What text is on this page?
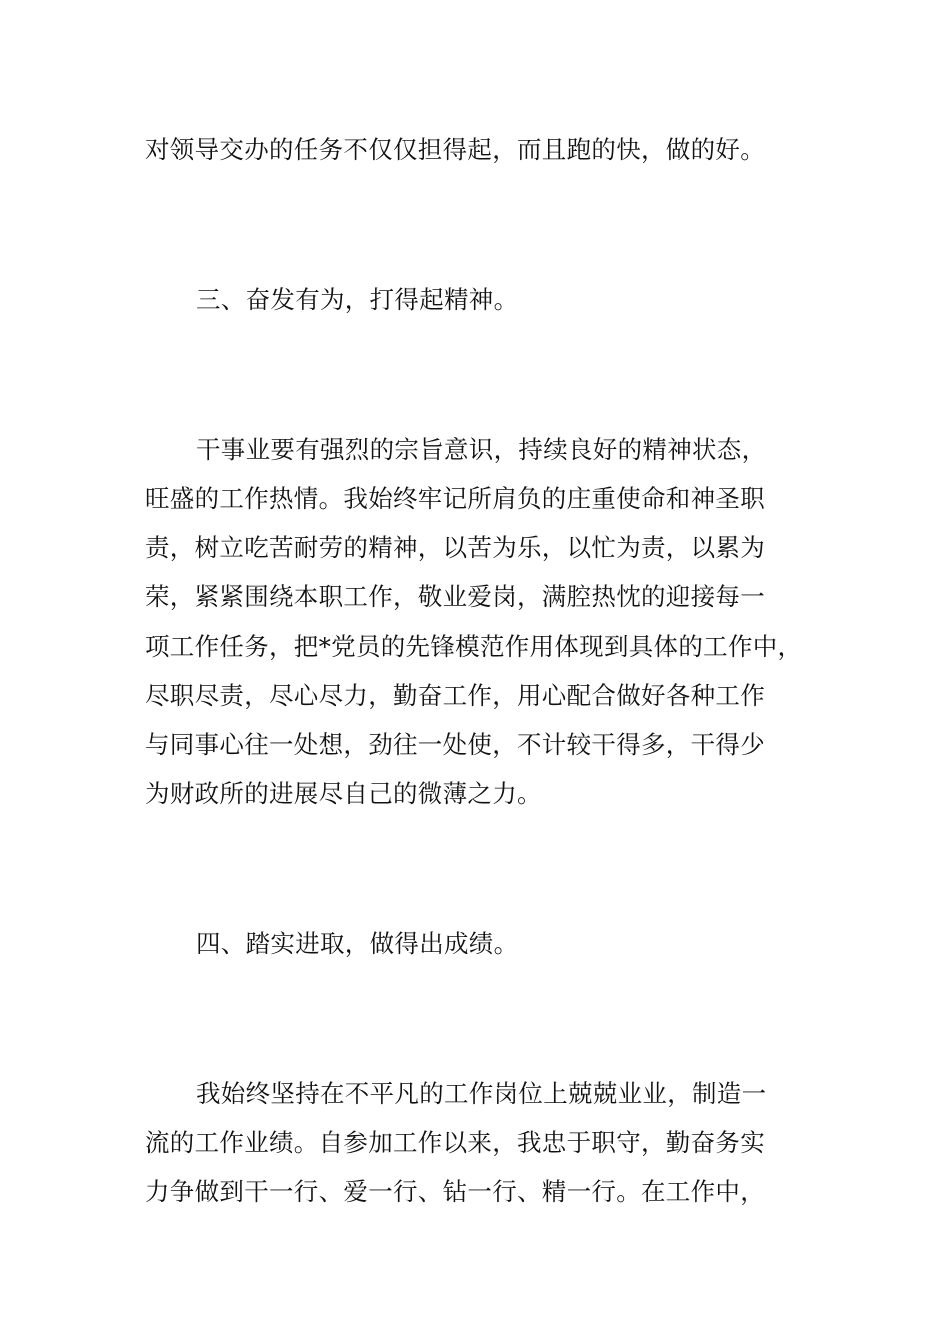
对领导交办的任务不仅仅担得起，而且跑的快，做的好。
三、奋发有为，打得起精神。
干事业要有强烈的宗旨意识，持续良好的精神状态，
旺盛的工作热情。我始终牢记所肩负的庄重使命和神圣职
责，树立吃苦耐劳的精神，以苦为乐，以忙为责，以累为
荣，紧紧围绕本职工作，敬业爱岗，满腔热忱的迎接每一
项工作任务，把*党员的先锋模范作用体现到具体的工作中，
尽职尽责，尽心尽力，勤奋工作，用心配合做好各种工作
与同事心往一处想，劲往一处使，不计较干得多，干得少
为财政所的进展尽自己的微薄之力。
四、踏实进取，做得出成绩。
我始终坚持在不平凡的工作岗位上兢兢业业，制造一
流的工作业绩。自参加工作以来，我忠于职守，勤奋务实
力争做到干一行、爱一行、钻一行、精一行。在工作中，
